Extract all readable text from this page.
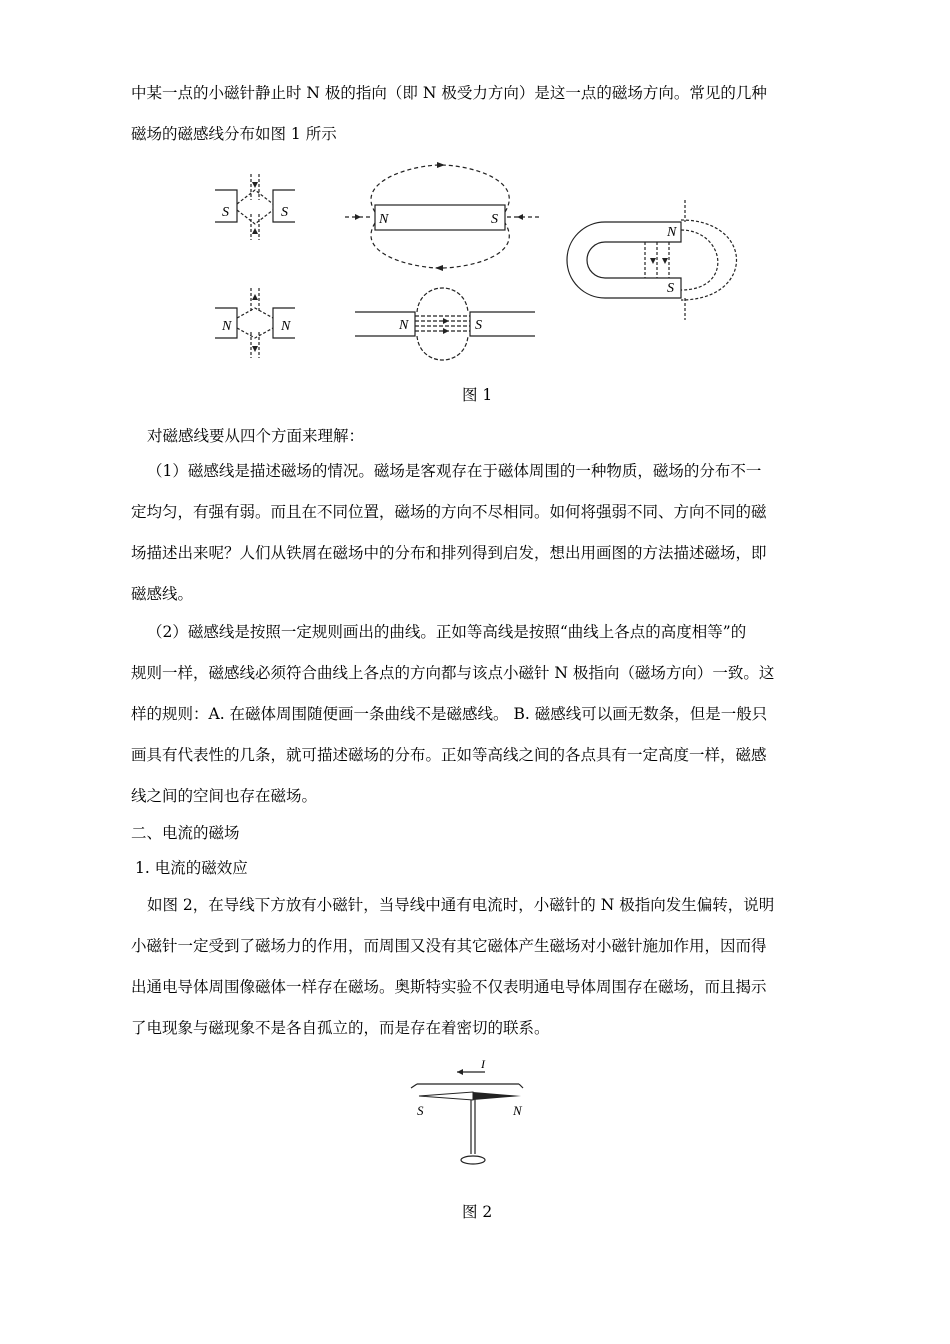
中某一点的小磁针静止时 N 极的指向（即 N 极受力方向）是这一点的磁场方向。常见的几种
磁场的磁感线分布如图 1 所示
S	S
N	N
N	S
N
S
N	S
图 1
对磁感线要从四个方面来理解：
（1）磁感线是描述磁场的情况。磁场是客观存在于磁体周围的一种物质，磁场的分布不一
定均匀，有强有弱。而且在不同位置，磁场的方向不尽相同。如何将强弱不同、方向不同的磁
场描述出来呢？人们从铁屑在磁场中的分布和排列得到启发，想出用画图的方法描述磁场，即
磁感线。
（2）磁感线是按照一定规则画出的曲线。正如等高线是按照“曲线上各点的高度相等”的
规则一样，磁感线必须符合曲线上各点的方向都与该点小磁针 N 极指向（磁场方向）一致。这
样的规则：A. 在磁体周围随便画一条曲线不是磁感线。 B. 磁感线可以画无数条，但是一般只
画具有代表性的几条，就可描述磁场的分布。正如等高线之间的各点具有一定高度一样，磁感
线之间的空间也存在磁场。
二、电流的磁场
1. 电流的磁效应
如图 2，在导线下方放有小磁针，当导线中通有电流时，小磁针的 N 极指向发生偏转，说明
小磁针一定受到了磁场力的作用，而周围又没有其它磁体产生磁场对小磁针施加作用，因而得
出通电导体周围像磁体一样存在磁场。奥斯特实验不仅表明通电导体周围存在磁场，而且揭示
了电现象与磁现象不是各自孤立的，而是存在着密切的联系。
I
S	N
图 2
